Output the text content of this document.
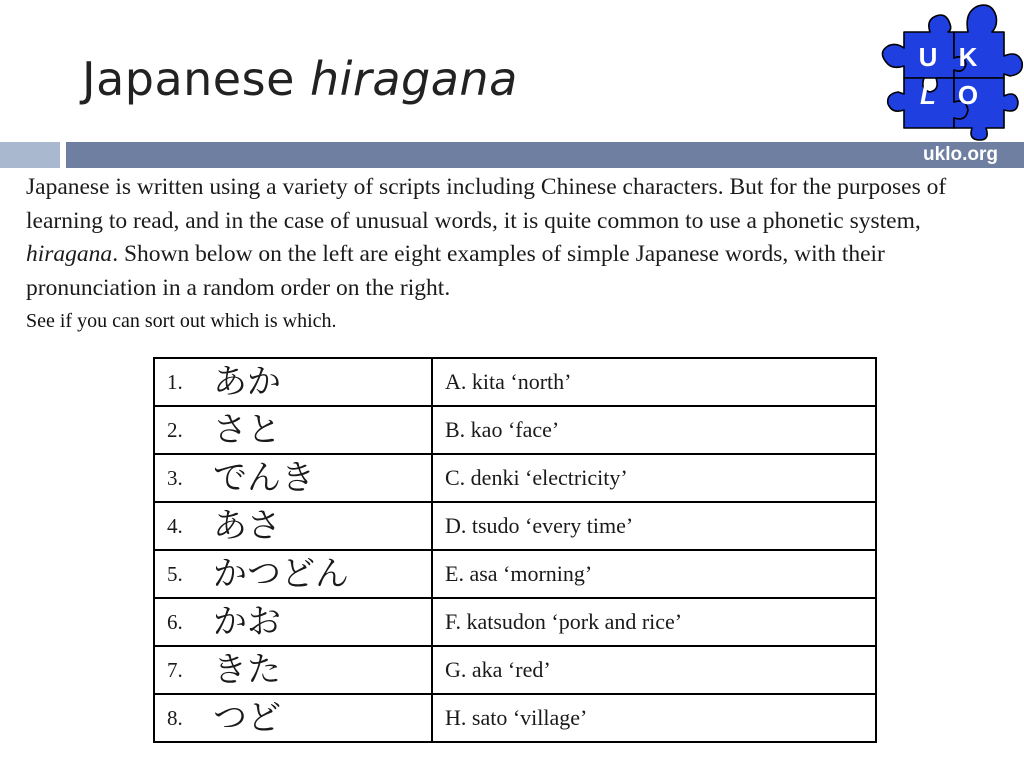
Japanese hiragana	U K
L O
uklo.org
Japanese is written using a variety of scripts including Chinese characters. But for the purposes of learning to read, and in the case of unusual words, it is quite common to use a phonetic system, hiragana. Shown below on the left are eight examples of simple Japanese words, with their pronunciation in a random order on the right.
See if you can sort out which is which.
1. あか	A. kita ‘north’
2. さと	B. kao ‘face’
3. でんき	C. denki ‘electricity’
4. あさ	D. tsudo ‘every time’
5. かつどん	E. asa ‘morning’
6. かお	F. katsudon ‘pork and rice’
7. きた	G. aka ‘red’
8. つど	H. sato ‘village’
